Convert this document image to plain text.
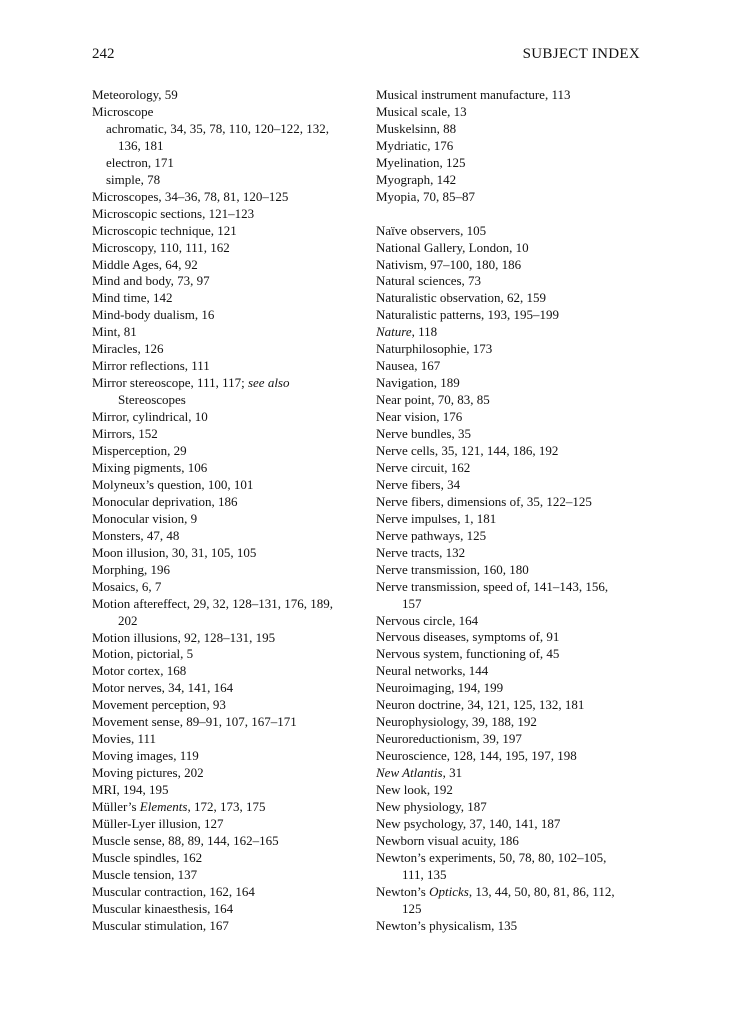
242	SUBJECT INDEX
Meteorology, 59
Microscope
achromatic, 34, 35, 78, 110, 120–122, 132,
136, 181
electron, 171
simple, 78
Microscopes, 34–36, 78, 81, 120–125
Microscopic sections, 121–123
Microscopic technique, 121
Microscopy, 110, 111, 162
Middle Ages, 64, 92
Mind and body, 73, 97
Mind time, 142
Mind-body dualism, 16
Mint, 81
Miracles, 126
Mirror reflections, 111
Mirror stereoscope, 111, 117; see also
Stereoscopes
Mirror, cylindrical, 10
Mirrors, 152
Misperception, 29
Mixing pigments, 106
Molyneux’s question, 100, 101
Monocular deprivation, 186
Monocular vision, 9
Monsters, 47, 48
Moon illusion, 30, 31, 105, 105
Morphing, 196
Mosaics, 6, 7
Motion aftereffect, 29, 32, 128–131, 176, 189,
202
Motion illusions, 92, 128–131, 195
Motion, pictorial, 5
Motor cortex, 168
Motor nerves, 34, 141, 164
Movement perception, 93
Movement sense, 89–91, 107, 167–171
Movies, 111
Moving images, 119
Moving pictures, 202
MRI, 194, 195
Müller’s Elements, 172, 173, 175
Müller-Lyer illusion, 127
Muscle sense, 88, 89, 144, 162–165
Muscle spindles, 162
Muscle tension, 137
Muscular contraction, 162, 164
Muscular kinaesthesis, 164
Muscular stimulation, 167
Musical instrument manufacture, 113
Musical scale, 13
Muskelsinn, 88
Mydriatic, 176
Myelination, 125
Myograph, 142
Myopia, 70, 85–87
Naïve observers, 105
National Gallery, London, 10
Nativism, 97–100, 180, 186
Natural sciences, 73
Naturalistic observation, 62, 159
Naturalistic patterns, 193, 195–199
Nature, 118
Naturphilosophie, 173
Nausea, 167
Navigation, 189
Near point, 70, 83, 85
Near vision, 176
Nerve bundles, 35
Nerve cells, 35, 121, 144, 186, 192
Nerve circuit, 162
Nerve fibers, 34
Nerve fibers, dimensions of, 35, 122–125
Nerve impulses, 1, 181
Nerve pathways, 125
Nerve tracts, 132
Nerve transmission, 160, 180
Nerve transmission, speed of, 141–143, 156,
157
Nervous circle, 164
Nervous diseases, symptoms of, 91
Nervous system, functioning of, 45
Neural networks, 144
Neuroimaging, 194, 199
Neuron doctrine, 34, 121, 125, 132, 181
Neurophysiology, 39, 188, 192
Neuroreductionism, 39, 197
Neuroscience, 128, 144, 195, 197, 198
New Atlantis, 31
New look, 192
New physiology, 187
New psychology, 37, 140, 141, 187
Newborn visual acuity, 186
Newton’s experiments, 50, 78, 80, 102–105,
111, 135
Newton’s Opticks, 13, 44, 50, 80, 81, 86, 112,
125
Newton’s physicalism, 135
